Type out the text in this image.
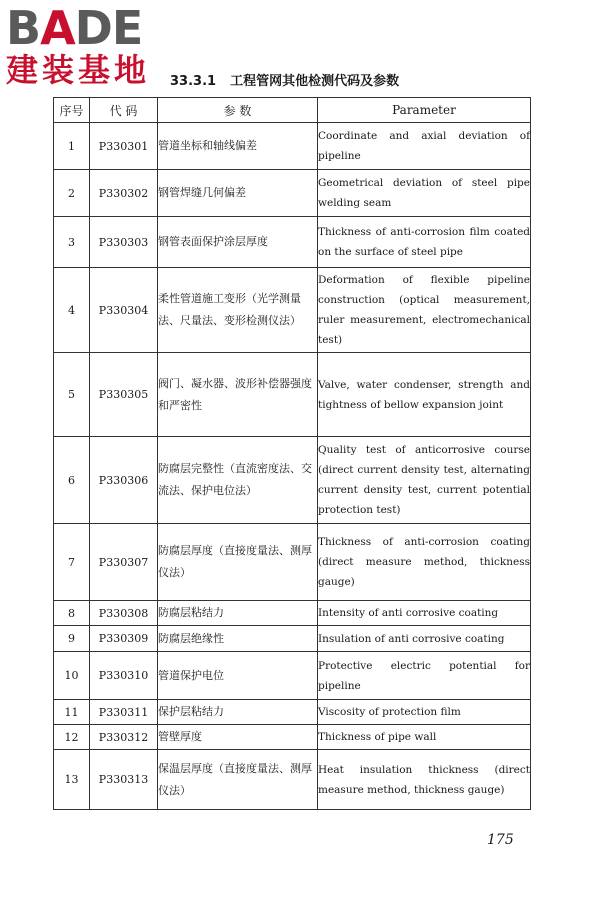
BADE
建装基地	33.3.1 工程管网其他检测代码及参数
序号	代 码	参 数	Parameter
1	P330301	管道坐标和轴线偏差	Coordinate and axial deviation of pipeline
2	P330302	钢管焊缝几何偏差	Geometrical deviation of steel pipe welding seam
3	P330303	钢管表面保护涂层厚度	Thickness of anti-corrosion film coated on the surface of steel pipe
4	P330304	柔性管道施工变形（光学测量法、尺量法、变形检测仪法）	Deformation of flexible pipeline construction (optical measurement, ruler measurement, electromechanical test)
5	P330305	阀门、凝水器、波形补偿器强度和严密性	Valve, water condenser, strength and tightness of bellow expansion joint
6	P330306	防腐层完整性（直流密度法、交流法、保护电位法）	Quality test of anticorrosive course (direct current density test, alternating current density test, current potential protection test)
7	P330307	防腐层厚度（直接度量法、测厚仪法）	Thickness of anti-corrosion coating (direct measure method, thickness gauge)
8	P330308	防腐层粘结力	Intensity of anti corrosive coating
9	P330309	防腐层绝缘性	Insulation of anti corrosive coating
10	P330310	管道保护电位	Protective electric potential for pipeline
11	P330311	保护层粘结力	Viscosity of protection film
12	P330312	管壁厚度	Thickness of pipe wall
13	P330313	保温层厚度（直接度量法、测厚仪法）	Heat insulation thickness (direct measure method, thickness gauge)
175
